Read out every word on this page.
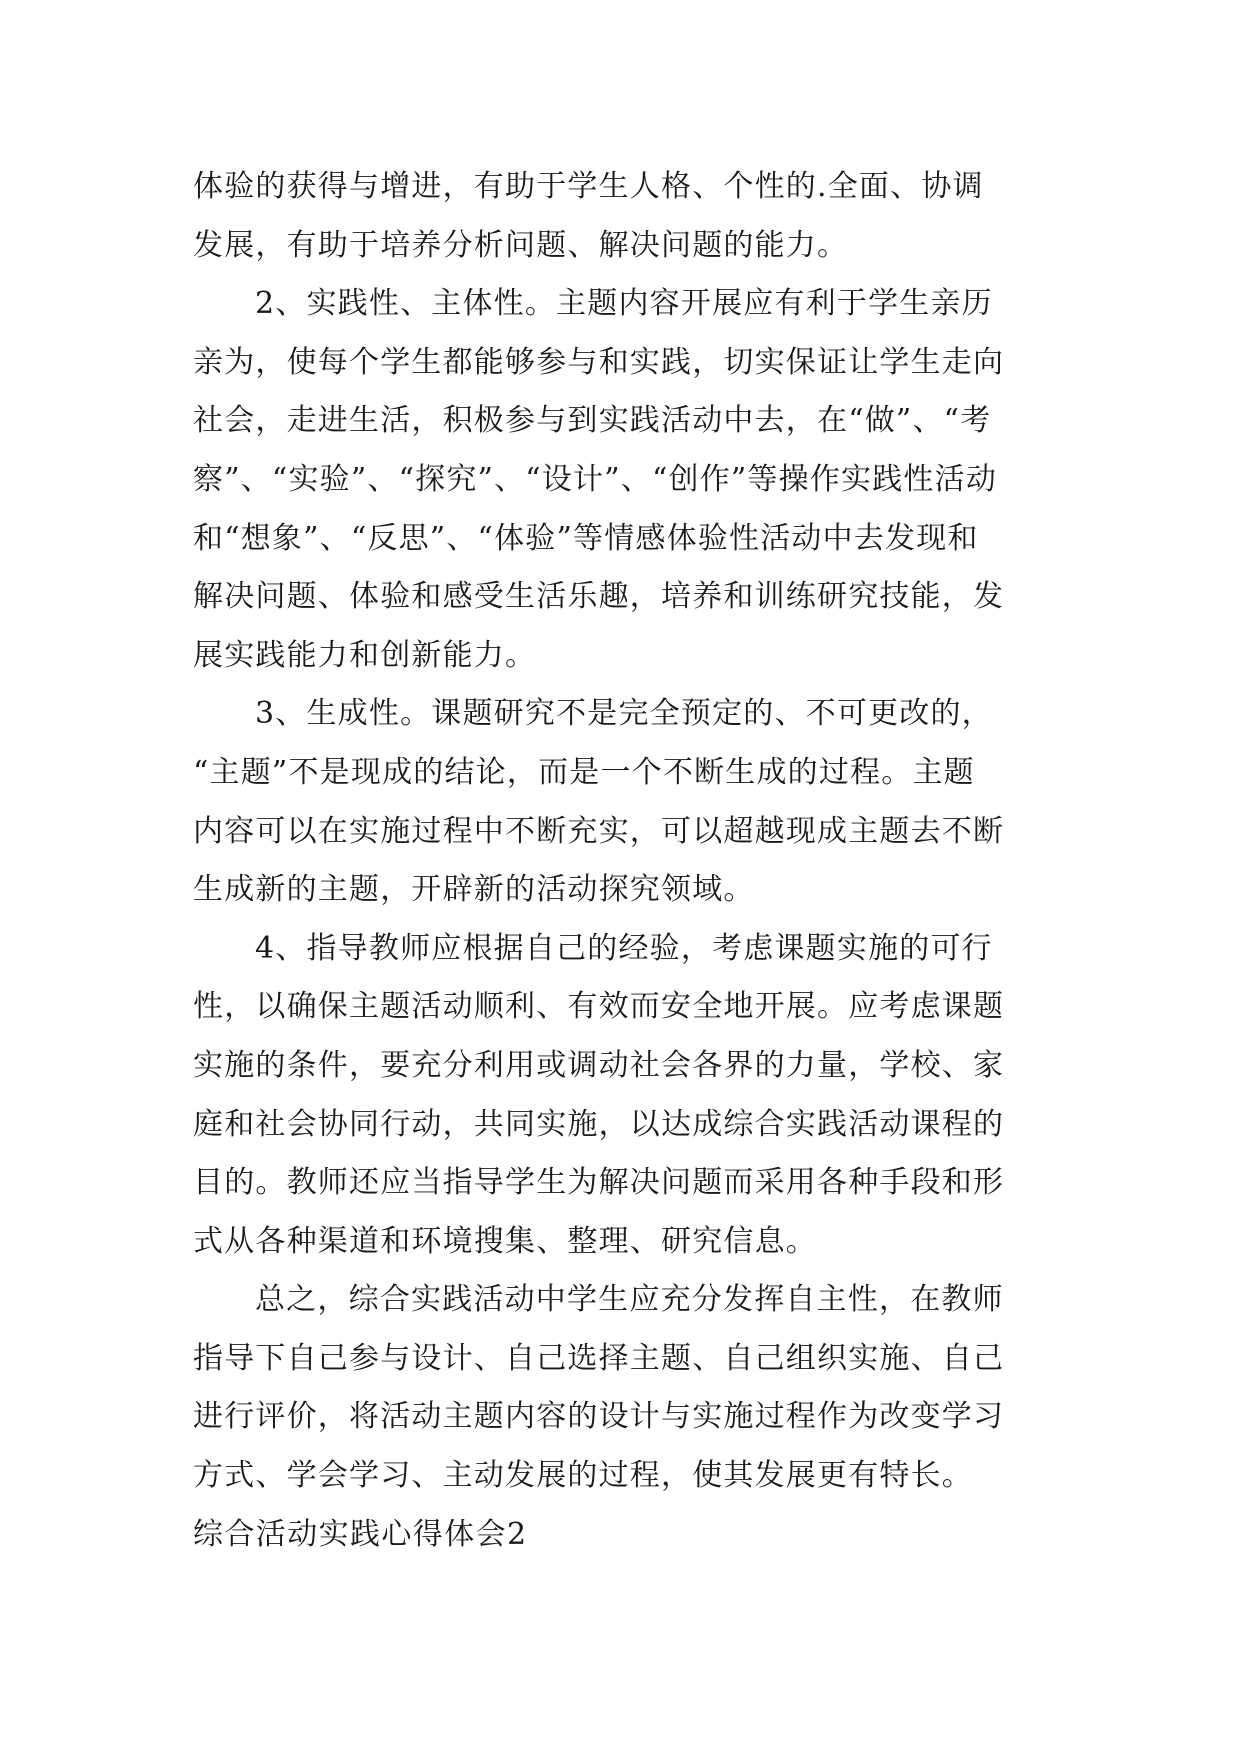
体验的获得与增进，有助于学生人格、个性的.全面、协调
发展，有助于培养分析问题、解决问题的能力。
2、实践性、主体性。主题内容开展应有利于学生亲历
亲为，使每个学生都能够参与和实践，切实保证让学生走向
社会，走进生活，积极参与到实践活动中去，在“做”、“考
察”、“实验”、“探究”、“设计”、“创作”等操作实践性活动
和“想象”、“反思”、“体验”等情感体验性活动中去发现和
解决问题、体验和感受生活乐趣，培养和训练研究技能，发
展实践能力和创新能力。
3、生成性。课题研究不是完全预定的、不可更改的，
“主题”不是现成的结论，而是一个不断生成的过程。主题
内容可以在实施过程中不断充实，可以超越现成主题去不断
生成新的主题，开辟新的活动探究领域。
4、指导教师应根据自己的经验，考虑课题实施的可行
性，以确保主题活动顺利、有效而安全地开展。应考虑课题
实施的条件，要充分利用或调动社会各界的力量，学校、家
庭和社会协同行动，共同实施，以达成综合实践活动课程的
目的。教师还应当指导学生为解决问题而采用各种手段和形
式从各种渠道和环境搜集、整理、研究信息。
总之，综合实践活动中学生应充分发挥自主性，在教师
指导下自己参与设计、自己选择主题、自己组织实施、自己
进行评价，将活动主题内容的设计与实施过程作为改变学习
方式、学会学习、主动发展的过程，使其发展更有特长。
综合活动实践心得体会2
